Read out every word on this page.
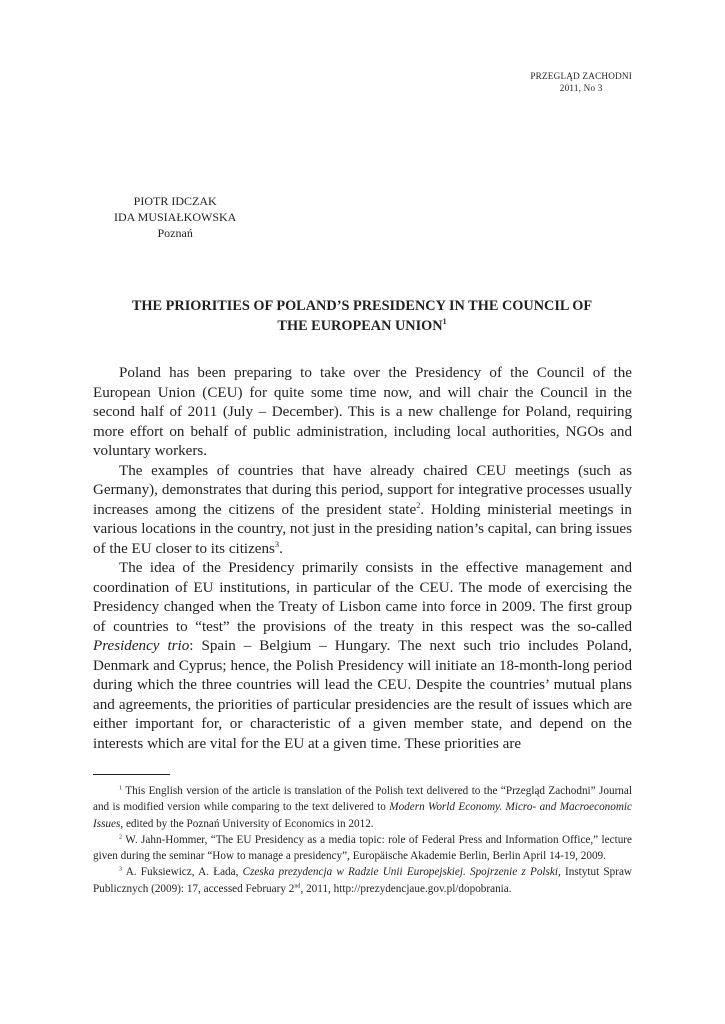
PRZEGLĄD ZACHODNI
2011, No 3
PIOTR IDCZAK
IDA MUSIAŁKOWSKA
Poznań
THE PRIORITIES OF POLAND’S PRESIDENCY IN THE COUNCIL OF
THE EUROPEAN UNION$^1$

Poland has been preparing to take over the Presidency of the Council of the European Union (CEU) for quite some time now, and will chair the Council in the second half of 2011 (July – December). This is a new challenge for Poland, requiring more effort on behalf of public administration, including local authorities, NGOs and voluntary workers.

The examples of countries that have already chaired CEU meetings (such as Germany), demonstrates that during this period, support for integrative processes usually increases among the citizens of the president state$^2$. Holding ministerial meetings in various locations in the country, not just in the presiding nation’s capital, can bring issues of the EU closer to its citizens$^3$.

The idea of the Presidency primarily consists in the effective management and coordination of EU institutions, in particular of the CEU. The mode of exercising the Presidency changed when the Treaty of Lisbon came into force in 2009. The first group of countries to “test” the provisions of the treaty in this respect was the so-called Presidency trio: Spain – Belgium – Hungary. The next such trio includes Poland, Denmark and Cyprus; hence, the Polish Presidency will initiate an 18-month-long period during which the three countries will lead the CEU. Despite the countries’ mutual plans and agreements, the priorities of particular presidencies are the result of issues which are either important for, or characteristic of a given member state, and depend on the interests which are vital for the EU at a given time. These priorities are

$^1$ This English version of the article is translation of the Polish text delivered to the “Przegląd Zachodni” Journal and is modified version while comparing to the text delivered to Modern World Economy. Micro- and Macroeconomic Issues, edited by the Poznań University of Economics in 2012.

$^2$ W. Jahn-Hommer, “The EU Presidency as a media topic: role of Federal Press and Information Office,” lecture given during the seminar “How to manage a presidency”, Europäische Akademie Berlin, Berlin April 14-19, 2009.

$^3$ A. Fuksiewicz, A. Łada, Czeska prezydencja w Radzie Unii Europejskiej. Spojrzenie z Polski, Instytut Spraw Publicznych (2009): 17, accessed February 2nd, 2011, http://prezydencjaue.gov.pl/dopobrania.
